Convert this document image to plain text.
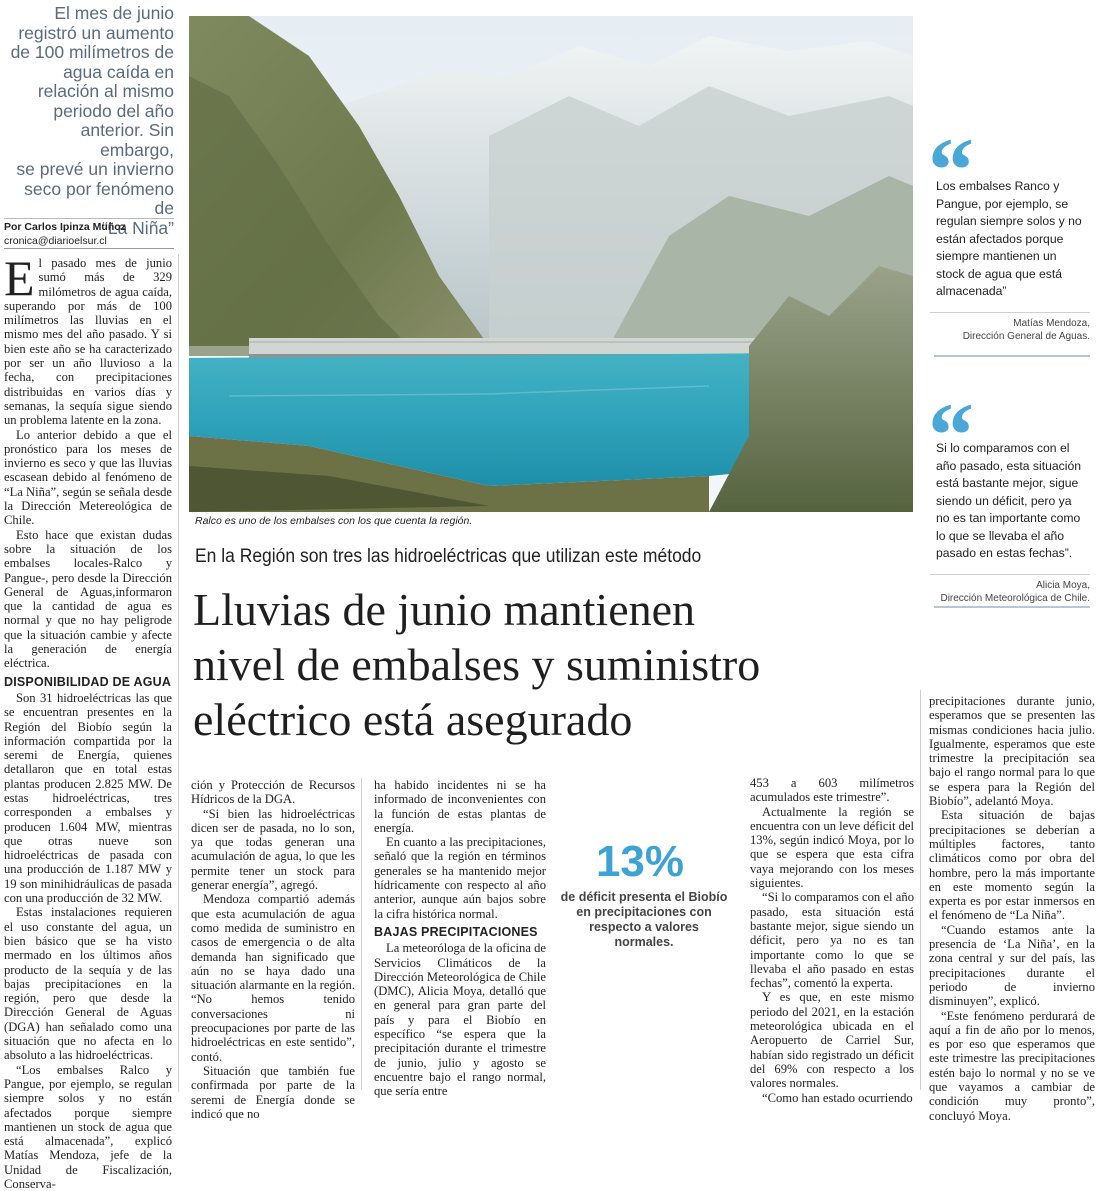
El mes de junio
registró un aumento
de 100 milímetros de
agua caída en
relación al mismo
periodo del año
anterior. Sin embargo,
se prevé un invierno
seco por fenómeno de
“La Niña”
Por Carlos Ipinza Muñoz
cronica@diarioelsur.cl
Ralco es uno de los embalses con los que cuenta la región.
“
Los embalses Ranco y Pangue, por ejemplo, se regulan siempre solos y no están afectados porque siempre mantienen un stock de agua que está almacenada”
Matías Mendoza,
Dirección General de Aguas.
“
Si lo comparamos con el año pasado, esta situación está bastante mejor, sigue siendo un déficit, pero ya no es tan importante como lo que se llevaba el año pasado en estas fechas”.
Alicia Moya,
Dirección Meteorológica de Chile.
En la Región son tres las hidroeléctricas que utilizan este método
Lluvias de junio mantienen
nivel de embalses y suministro
eléctrico está asegurado

El pasado mes de junio sumó más de 329 milómetros de agua caída, superando por más de 100 milímetros las lluvias en el mismo mes del año pasado. Y si bien este año se ha caracterizado por ser un año lluvioso a la fecha, con precipitaciones distribuidas en varios días y semanas, la sequía sigue siendo un problema latente en la zona.

Lo anterior debido a que el pronóstico para los meses de invierno es seco y que las lluvias escasean debido al fenómeno de “La Niña”, según se señala desde la Dirección Metereológica de Chile.

Esto hace que existan dudas sobre la situación de los embalses locales-Ralco y Pangue-, pero desde la Dirección General de Aguas,informaron que la cantidad de agua es normal y que no hay peligrode que la situación cambie y afecte la generación de energía eléctrica.

DISPONIBILIDAD DE AGUA

Son 31 hidroeléctricas las que se encuentran presentes en la Región del Biobío según la información compartida por la seremi de Energía, quienes detallaron que en total estas plantas producen 2.825 MW. De estas hidroeléctricas, tres corresponden a embalses y producen 1.604 MW, mientras que otras nueve son hidroeléctricas de pasada con una producción de 1.187 MW y 19 son minihidráulicas de pasada con una producción de 32 MW.

Estas instalaciones requieren el uso constante del agua, un bien básico que se ha visto mermado en los últimos años producto de la sequía y de las bajas precipitaciones en la región, pero que desde la Dirección General de Aguas (DGA) han señalado como una situación que no afecta en lo absoluto a las hidroeléctricas.

“Los embalses Ralco y Pangue, por ejemplo, se regulan siempre solos y no están afectados porque siempre mantienen un stock de agua que está almacenada”, explicó Matías Mendoza, jefe de la Unidad de Fiscalización, Conserva-

ción y Protección de Recursos Hídricos de la DGA.

“Si bien las hidroeléctricas dicen ser de pasada, no lo son, ya que todas generan una acumulación de agua, lo que les permite tener un stock para generar energía”, agregó.

Mendoza compartió además que esta acumulación de agua como medida de suministro en casos de emergencia o de alta demanda han significado que aún no se haya dado una situación alarmante en la región. “No hemos tenido conversaciones ni preocupaciones por parte de las hidroeléctricas en este sentido”, contó.

Situación que también fue confirmada por parte de la seremi de Energía donde se indicó que no

ha habido incidentes ni se ha informado de inconvenientes con la función de estas plantas de energía.

En cuanto a las precipitaciones, señaló que la región en términos generales se ha mantenido mejor hídricamente con respecto al año anterior, aunque aún bajos sobre la cifra histórica normal.

BAJAS PRECIPITACIONES

La meteoróloga de la oficina de Servicios Climáticos de la Dirección Meteorológica de Chile (DMC), Alicia Moya, detalló que en general para gran parte del país y para el Biobío en específico “se espera que la precipitación durante el trimestre de junio, julio y agosto se encuentre bajo el rango normal, que sería entre

13%
de déficit presenta el Biobío en precipitaciones con respecto a valores normales.

453 a 603 milímetros acumulados este trimestre”.

Actualmente la región se encuentra con un leve déficit del 13%, según indicó Moya, por lo que se espera que esta cifra vaya mejorando con los meses siguientes.

“Si lo comparamos con el año pasado, esta situación está bastante mejor, sigue siendo un déficit, pero ya no es tan importante como lo que se llevaba el año pasado en estas fechas”, comentó la experta.

Y es que, en este mismo periodo del 2021, en la estación meteorológica ubicada en el Aeropuerto de Carriel Sur, habían sido registrado un déficit del 69% con respecto a los valores normales.

“Como han estado ocurriendo

precipitaciones durante junio, esperamos que se presenten las mismas condiciones hacia julio. Igualmente, esperamos que este trimestre la precipitación sea bajo el rango normal para lo que se espera para la Región del Biobío”, adelantó Moya.

Esta situación de bajas precipitaciones se deberían a múltiples factores, tanto climáticos como por obra del hombre, pero la más importante en este momento según la experta es por estar inmersos en el fenómeno de “La Niña”.

“Cuando estamos ante la presencia de ‘La Niña’, en la zona central y sur del país, las precipitaciones durante el periodo de invierno disminuyen”, explicó.

“Este fenómeno perdurará de aquí a fin de año por lo menos, es por eso que esperamos que este trimestre las precipitaciones estén bajo lo normal y no se ve que vayamos a cambiar de condición muy pronto”, concluyó Moya.
